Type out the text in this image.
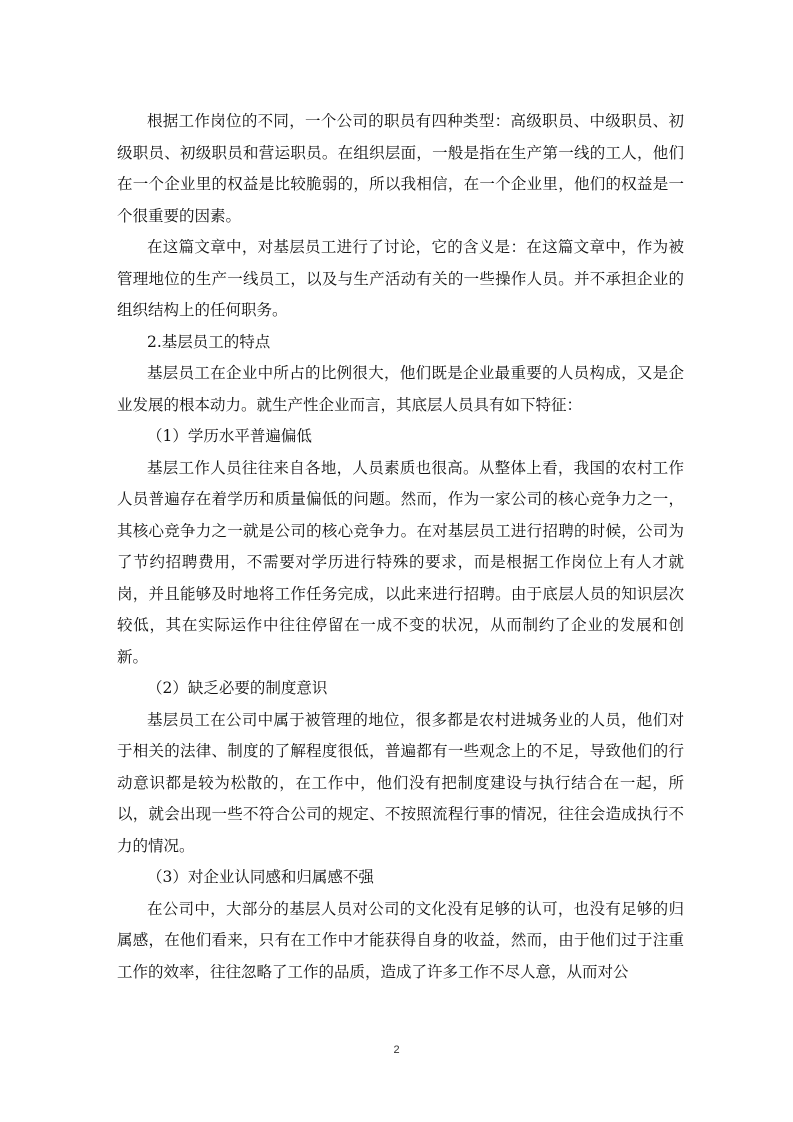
根据工作岗位的不同，一个公司的职员有四种类型：高级职员、中级职员、初级职员、初级职员和营运职员。在组织层面，一般是指在生产第一线的工人，他们在一个企业里的权益是比较脆弱的，所以我相信，在一个企业里，他们的权益是一个很重要的因素。

在这篇文章中，对基层员工进行了讨论，它的含义是：在这篇文章中，作为被管理地位的生产一线员工，以及与生产活动有关的一些操作人员。并不承担企业的组织结构上的任何职务。

2.基层员工的特点

基层员工在企业中所占的比例很大，他们既是企业最重要的人员构成，又是企业发展的根本动力。就生产性企业而言，其底层人员具有如下特征：

（1）学历水平普遍偏低

基层工作人员往往来自各地，人员素质也很高。从整体上看，我国的农村工作人员普遍存在着学历和质量偏低的问题。然而，作为一家公司的核心竞争力之一，其核心竞争力之一就是公司的核心竞争力。在对基层员工进行招聘的时候，公司为了节约招聘费用，不需要对学历进行特殊的要求，而是根据工作岗位上有人才就岗，并且能够及时地将工作任务完成，以此来进行招聘。由于底层人员的知识层次较低，其在实际运作中往往停留在一成不变的状况，从而制约了企业的发展和创新。

（2）缺乏必要的制度意识

基层员工在公司中属于被管理的地位，很多都是农村进城务业的人员，他们对于相关的法律、制度的了解程度很低，普遍都有一些观念上的不足，导致他们的行动意识都是较为松散的，在工作中，他们没有把制度建设与执行结合在一起，所以，就会出现一些不符合公司的规定、不按照流程行事的情况，往往会造成执行不力的情况。

（3）对企业认同感和归属感不强

在公司中，大部分的基层人员对公司的文化没有足够的认可，也没有足够的归属感，在他们看来，只有在工作中才能获得自身的收益，然而，由于他们过于注重工作的效率，往往忽略了工作的品质，造成了许多工作不尽人意，从而对公

2
